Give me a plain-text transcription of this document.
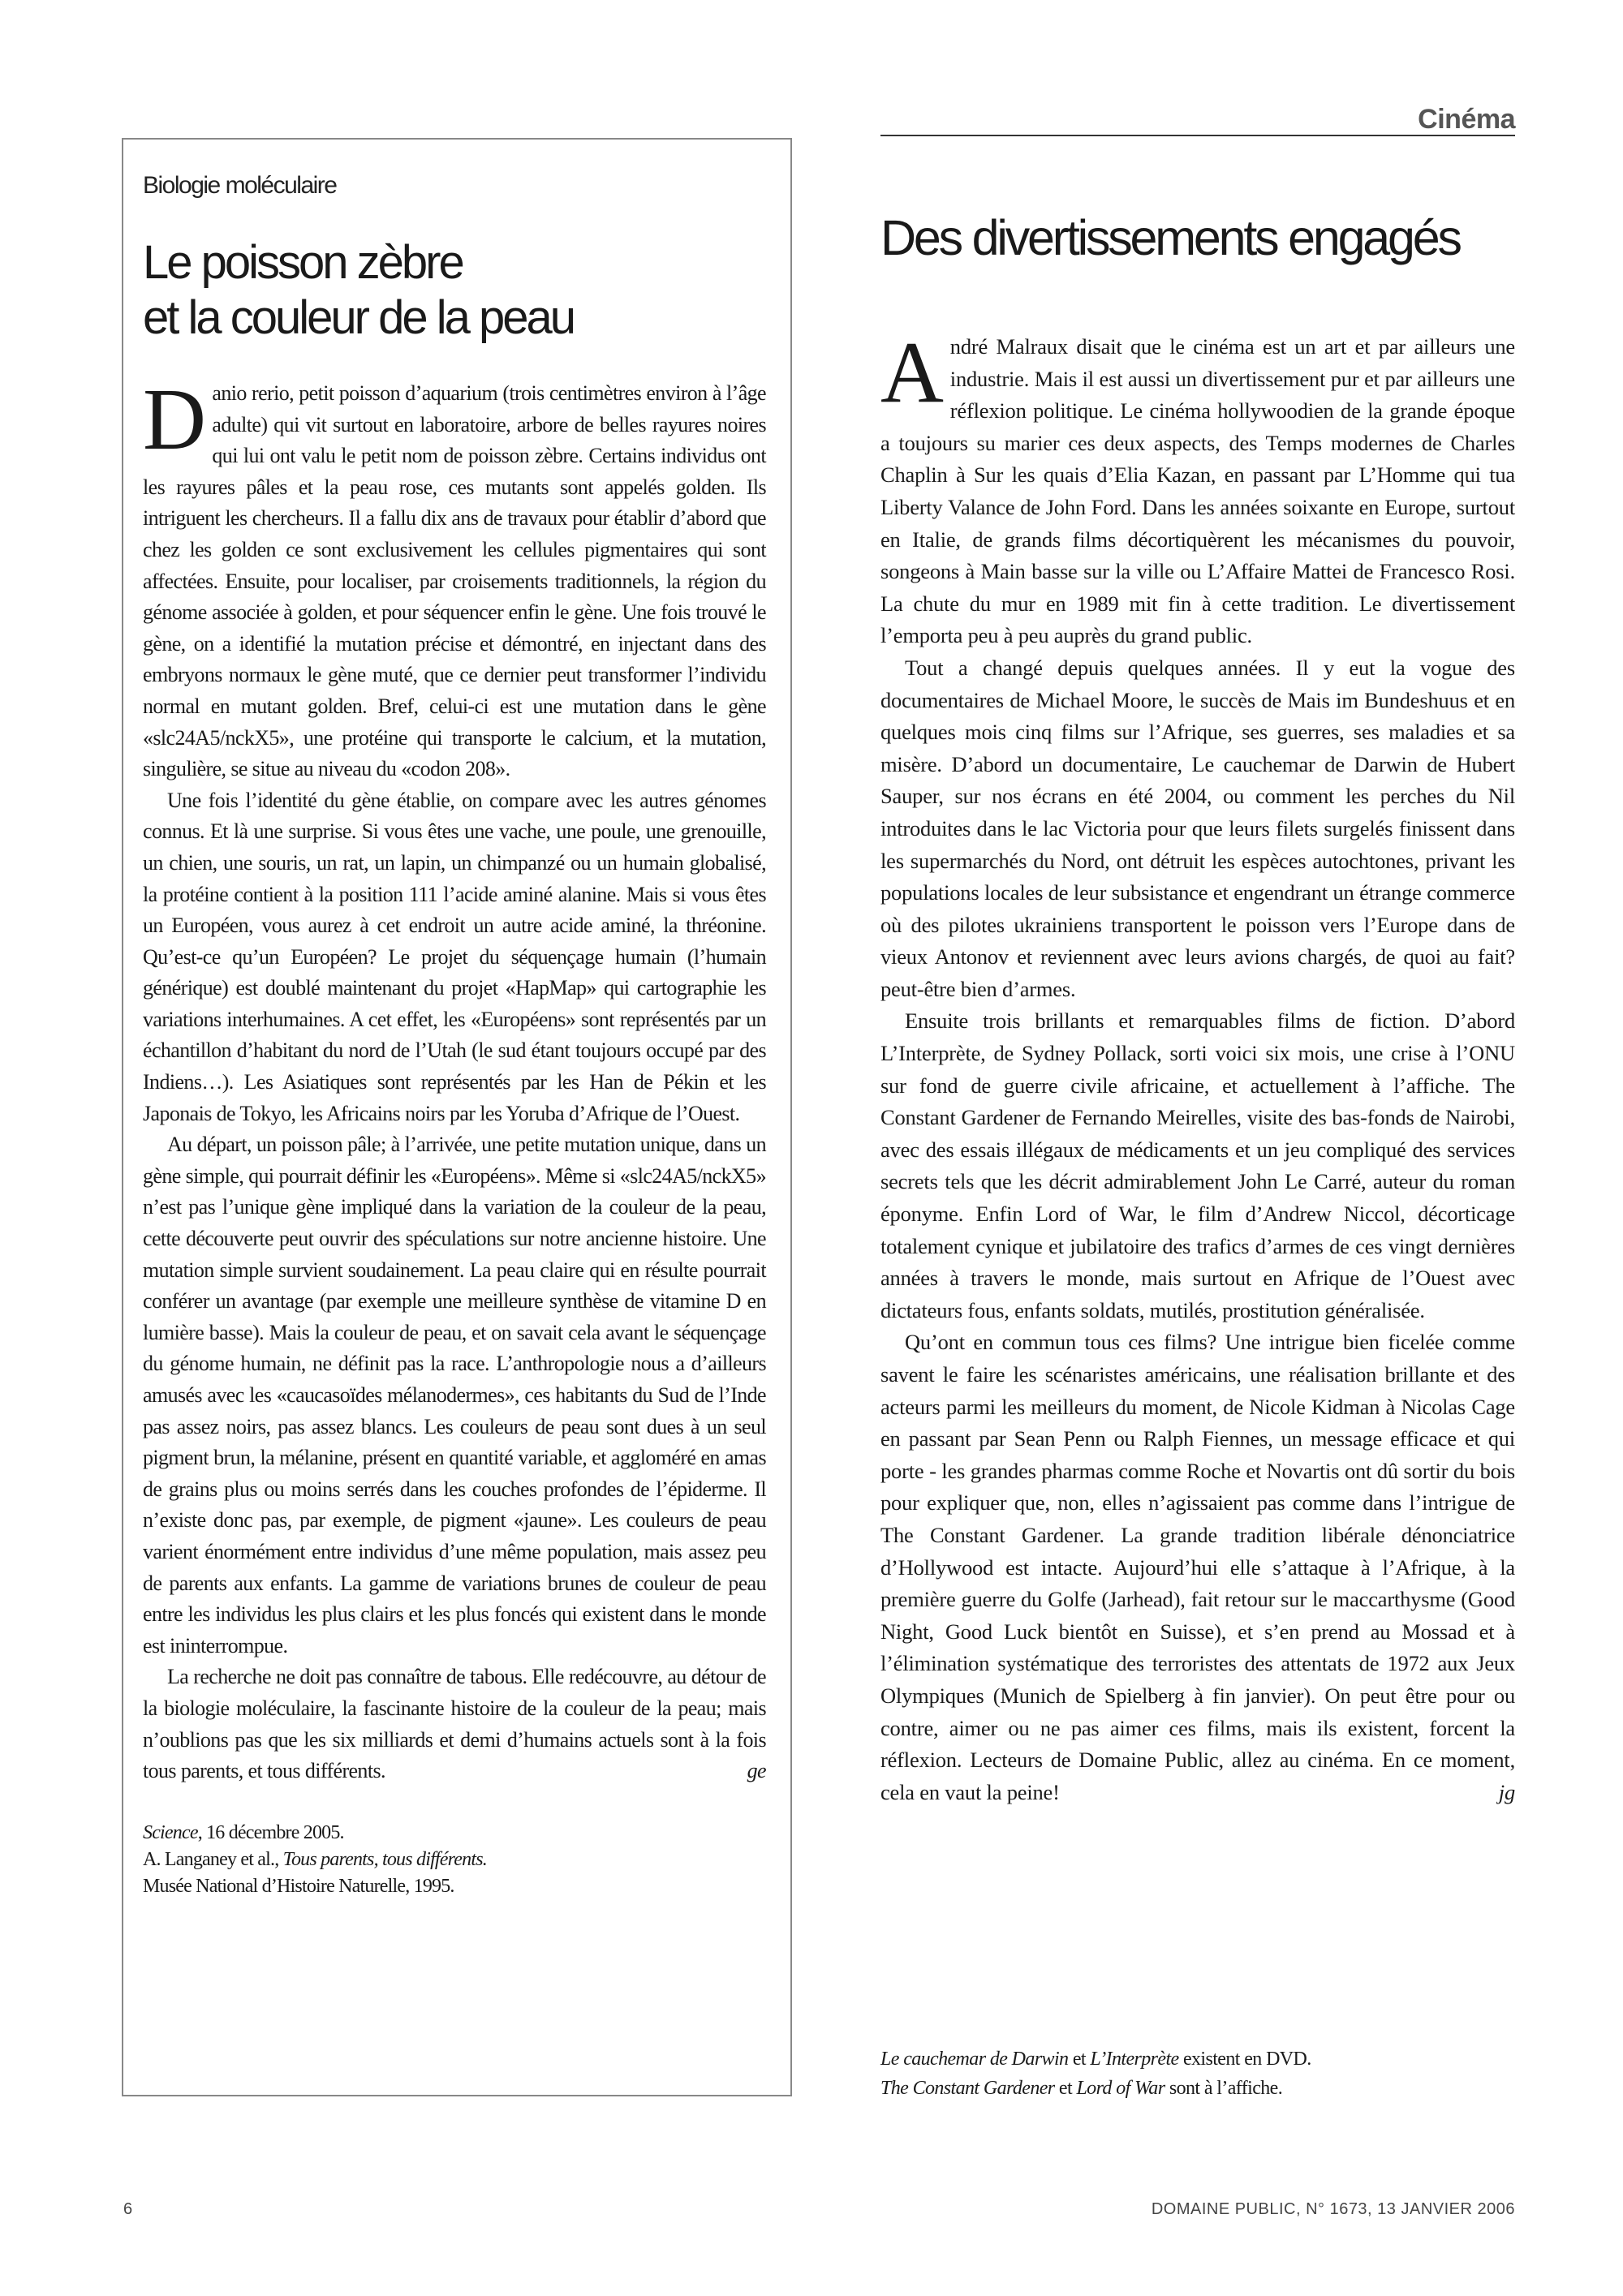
Biologie moléculaire

Le poisson zèbre
et la couleur de la peau

Danio rerio, petit poisson d’aquarium (trois centimètres environ à l’âge adulte) qui vit surtout en laboratoire, arbore de belles rayures noires qui lui ont valu le petit nom de poisson zèbre. Certains individus ont les rayures pâles et la peau rose, ces mutants sont appelés golden. Ils intriguent les chercheurs. Il a fallu dix ans de travaux pour établir d’abord que chez les golden ce sont exclusivement les cellules pigmentaires qui sont affectées. Ensuite, pour localiser, par croisements traditionnels, la région du génome associée à golden, et pour séquencer enfin le gène. Une fois trouvé le gène, on a identifié la mutation précise et démontré, en injectant dans des embryons normaux le gène muté, que ce dernier peut transformer l’individu normal en mutant golden. Bref, celui-ci est une mutation dans le gène «slc24A5/nckX5», une protéine qui transporte le calcium, et la mutation, singulière, se situe au niveau du «codon 208».

Une fois l’identité du gène établie, on compare avec les autres génomes connus. Et là une surprise. Si vous êtes une vache, une poule, une grenouille, un chien, une souris, un rat, un lapin, un chimpanzé ou un humain globalisé, la protéine contient à la position 111 l’acide aminé alanine. Mais si vous êtes un Européen, vous aurez à cet endroit un autre acide aminé, la thréonine. Qu’est-ce qu’un Européen? Le projet du séquençage humain (l’humain générique) est doublé maintenant du projet «HapMap» qui cartographie les variations interhumaines. A cet effet, les «Européens» sont représentés par un échantillon d’habitant du nord de l’Utah (le sud étant toujours occupé par des Indiens…). Les Asiatiques sont représentés par les Han de Pékin et les Japonais de Tokyo, les Africains noirs par les Yoruba d’Afrique de l’Ouest.

Au départ, un poisson pâle; à l’arrivée, une petite mutation unique, dans un gène simple, qui pourrait définir les «Européens». Même si «slc24A5/nckX5» n’est pas l’unique gène impliqué dans la variation de la couleur de la peau, cette découverte peut ouvrir des spéculations sur notre ancienne histoire. Une mutation simple survient soudainement. La peau claire qui en résulte pourrait conférer un avantage (par exemple une meilleure synthèse de vitamine D en lumière basse). Mais la couleur de peau, et on savait cela avant le séquençage du génome humain, ne définit pas la race. L’anthropologie nous a d’ailleurs amusés avec les «caucasoïdes mélanodermes», ces habitants du Sud de l’Inde pas assez noirs, pas assez blancs. Les couleurs de peau sont dues à un seul pigment brun, la mélanine, présent en quantité variable, et aggloméré en amas de grains plus ou moins serrés dans les couches profondes de l’épiderme. Il n’existe donc pas, par exemple, de pigment «jaune». Les couleurs de peau varient énormément entre individus d’une même population, mais assez peu de parents aux enfants. La gamme de variations brunes de couleur de peau entre les individus les plus clairs et les plus foncés qui existent dans le monde est ininterrompue.

La recherche ne doit pas connaître de tabous. Elle redécouvre, au détour de la biologie moléculaire, la fascinante histoire de la couleur de la peau; mais n’oublions pas que les six milliards et demi d’humains actuels sont à la fois tous parents, et tous différents.	ge

Science, 16 décembre 2005.
A. Langaney et al., Tous parents, tous différents.
Musée National d’Histoire Naturelle, 1995.
Cinéma
Des divertissements engagés

André Malraux disait que le cinéma est un art et par ailleurs une industrie. Mais il est aussi un divertissement pur et par ailleurs une réflexion politique. Le cinéma hollywoodien de la grande époque a toujours su marier ces deux aspects, des Temps modernes de Charles Chaplin à Sur les quais d’Elia Kazan, en passant par L’Homme qui tua Liberty Valance de John Ford. Dans les années soixante en Europe, surtout en Italie, de grands films décortiquèrent les mécanismes du pouvoir, songeons à Main basse sur la ville ou L’Affaire Mattei de Francesco Rosi. La chute du mur en 1989 mit fin à cette tradition. Le divertissement l’emporta peu à peu auprès du grand public.

Tout a changé depuis quelques années. Il y eut la vogue des documentaires de Michael Moore, le succès de Mais im Bundeshuus et en quelques mois cinq films sur l’Afrique, ses guerres, ses maladies et sa misère. D’abord un documentaire, Le cauchemar de Darwin de Hubert Sauper, sur nos écrans en été 2004, ou comment les perches du Nil introduites dans le lac Victoria pour que leurs filets surgelés finissent dans les supermarchés du Nord, ont détruit les espèces autochtones, privant les populations locales de leur subsistance et engendrant un étrange commerce où des pilotes ukrainiens transportent le poisson vers l’Europe dans de vieux Antonov et reviennent avec leurs avions chargés, de quoi au fait? peut-être bien d’armes.

Ensuite trois brillants et remarquables films de fiction. D’abord L’Interprète, de Sydney Pollack, sorti voici six mois, une crise à l’ONU sur fond de guerre civile africaine, et actuellement à l’affiche. The Constant Gardener de Fernando Meirelles, visite des bas-fonds de Nairobi, avec des essais illégaux de médicaments et un jeu compliqué des services secrets tels que les décrit admirablement John Le Carré, auteur du roman éponyme. Enfin Lord of War, le film d’Andrew Niccol, décorticage totalement cynique et jubilatoire des trafics d’armes de ces vingt dernières années à travers le monde, mais surtout en Afrique de l’Ouest avec dictateurs fous, enfants soldats, mutilés, prostitution généralisée.

Qu’ont en commun tous ces films? Une intrigue bien ficelée comme savent le faire les scénaristes américains, une réalisation brillante et des acteurs parmi les meilleurs du moment, de Nicole Kidman à Nicolas Cage en passant par Sean Penn ou Ralph Fiennes, un message efficace et qui porte - les grandes pharmas comme Roche et Novartis ont dû sortir du bois pour expliquer que, non, elles n’agissaient pas comme dans l’intrigue de The Constant Gardener. La grande tradition libérale dénonciatrice d’Hollywood est intacte. Aujourd’hui elle s’attaque à l’Afrique, à la première guerre du Golfe (Jarhead), fait retour sur le maccarthysme (Good Night, Good Luck bientôt en Suisse), et s’en prend au Mossad et à l’élimination systématique des terroristes des attentats de 1972 aux Jeux Olympiques (Munich de Spielberg à fin janvier). On peut être pour ou contre, aimer ou ne pas aimer ces films, mais ils existent, forcent la réflexion. Lecteurs de Domaine Public, allez au cinéma. En ce moment, cela en vaut la peine!	jg

Le cauchemar de Darwin et L’Interprète existent en DVD.
The Constant Gardener et Lord of War sont à l’affiche.
6	DOMAINE PUBLIC, N° 1673, 13 JANVIER 2006
